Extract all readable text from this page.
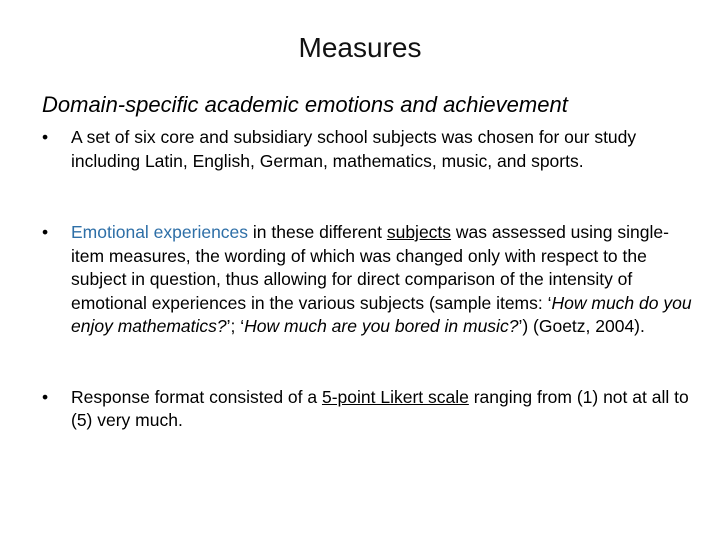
Measures
Domain-specific academic emotions and achievement
•	A set of six core and subsidiary school subjects was chosen for our study including Latin, English, German, mathematics, music, and sports.
•	Emotional experiences in these different subjects was assessed using single-item measures, the wording of which was changed only with respect to the subject in question, thus allowing for direct comparison of the intensity of emotional experiences in the various subjects (sample items: ‘How much do you enjoy mathematics?’; ‘How much are you bored in music?’) (Goetz, 2004).
•	Response format consisted of a 5-point Likert scale ranging from (1) not at all to (5) very much.
